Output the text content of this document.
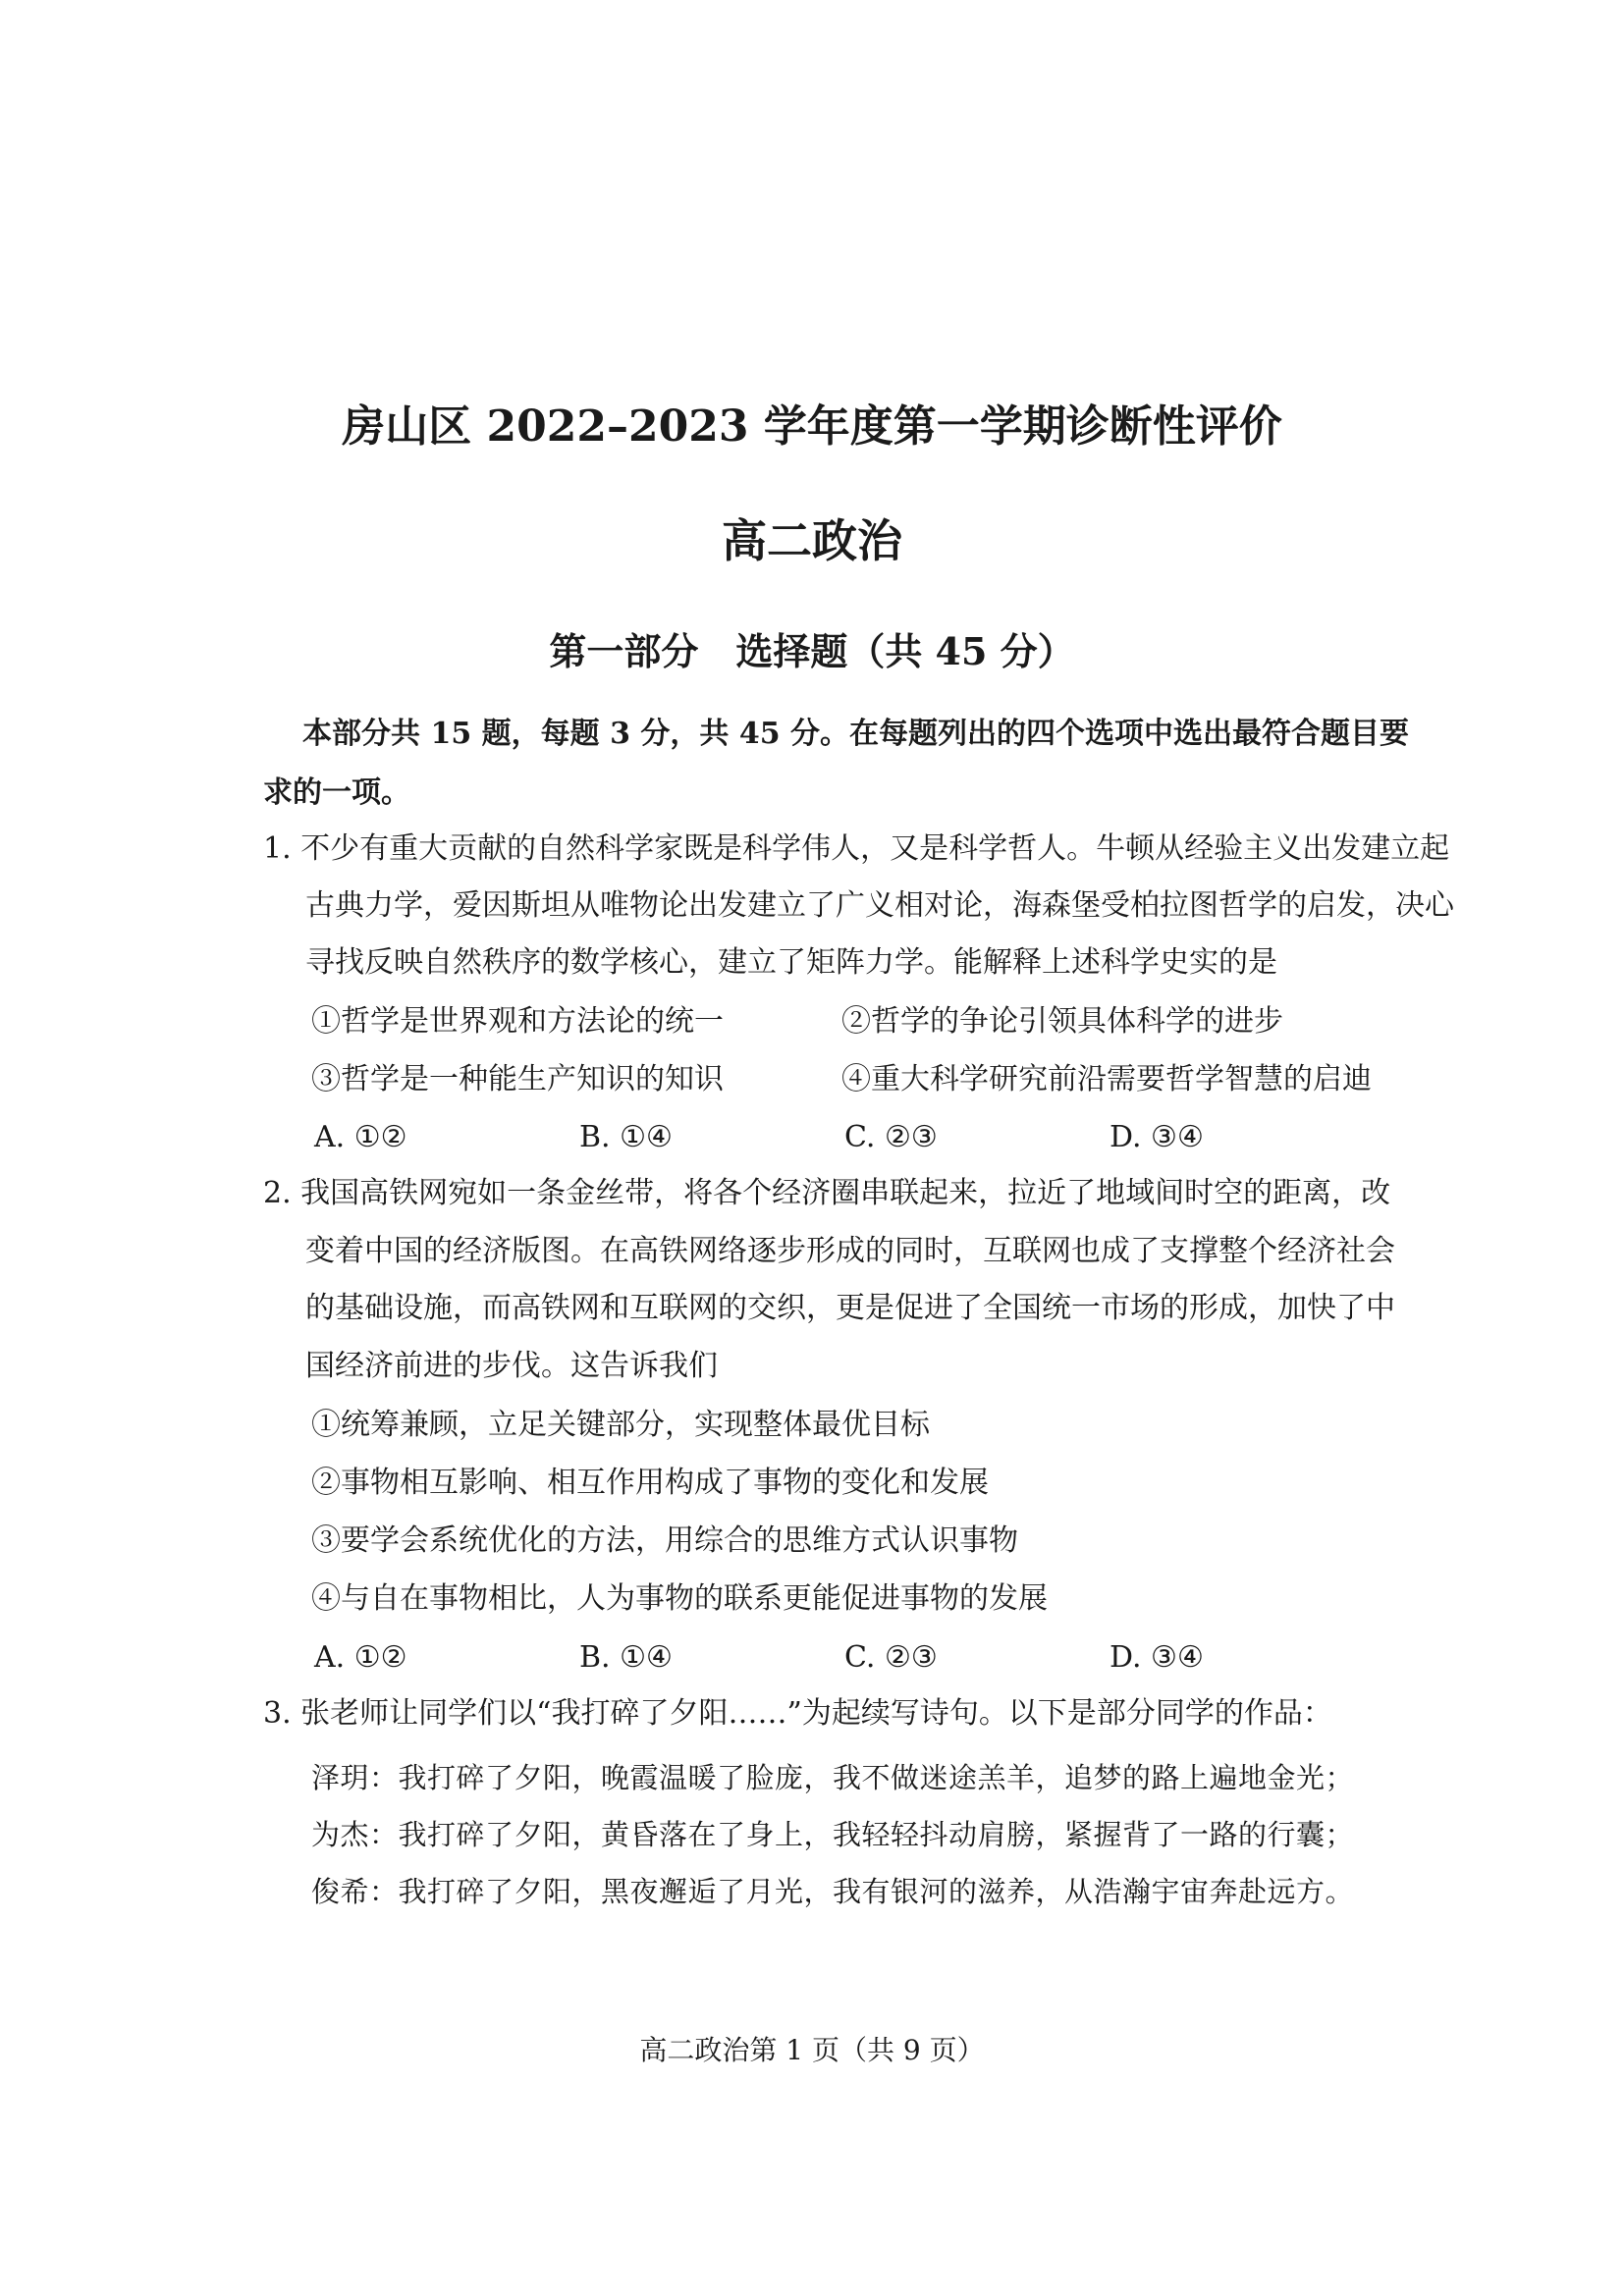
房山区 2022–2023 学年度第一学期诊断性评价
高二政治
第一部分　选择题（共 45 分）
本部分共 15 题，每题 3 分，共 45 分。在每题列出的四个选项中选出最符合题目要
求的一项。
1. 不少有重大贡献的自然科学家既是科学伟人，又是科学哲人。牛顿从经验主义出发建立起
古典力学，爱因斯坦从唯物论出发建立了广义相对论，海森堡受柏拉图哲学的启发，决心
寻找反映自然秩序的数学核心，建立了矩阵力学。能解释上述科学史实的是
①哲学是世界观和方法论的统一	②哲学的争论引领具体科学的进步
③哲学是一种能生产知识的知识	④重大科学研究前沿需要哲学智慧的启迪
A. ①②	B. ①④	C. ②③	D. ③④
2. 我国高铁网宛如一条金丝带，将各个经济圈串联起来，拉近了地域间时空的距离，改
变着中国的经济版图。在高铁网络逐步形成的同时，互联网也成了支撑整个经济社会
的基础设施，而高铁网和互联网的交织，更是促进了全国统一市场的形成，加快了中
国经济前进的步伐。这告诉我们
①统筹兼顾，立足关键部分，实现整体最优目标
②事物相互影响、相互作用构成了事物的变化和发展
③要学会系统优化的方法，用综合的思维方式认识事物
④与自在事物相比，人为事物的联系更能促进事物的发展
A. ①②	B. ①④	C. ②③	D. ③④
3. 张老师让同学们以“我打碎了夕阳……”为起续写诗句。以下是部分同学的作品：
泽玥：我打碎了夕阳，晚霞温暖了脸庞，我不做迷途羔羊，追梦的路上遍地金光；
为杰：我打碎了夕阳，黄昏落在了身上，我轻轻抖动肩膀，紧握背了一路的行囊；
俊希：我打碎了夕阳，黑夜邂逅了月光，我有银河的滋养，从浩瀚宇宙奔赴远方。
高二政治第 1 页（共 9 页）
